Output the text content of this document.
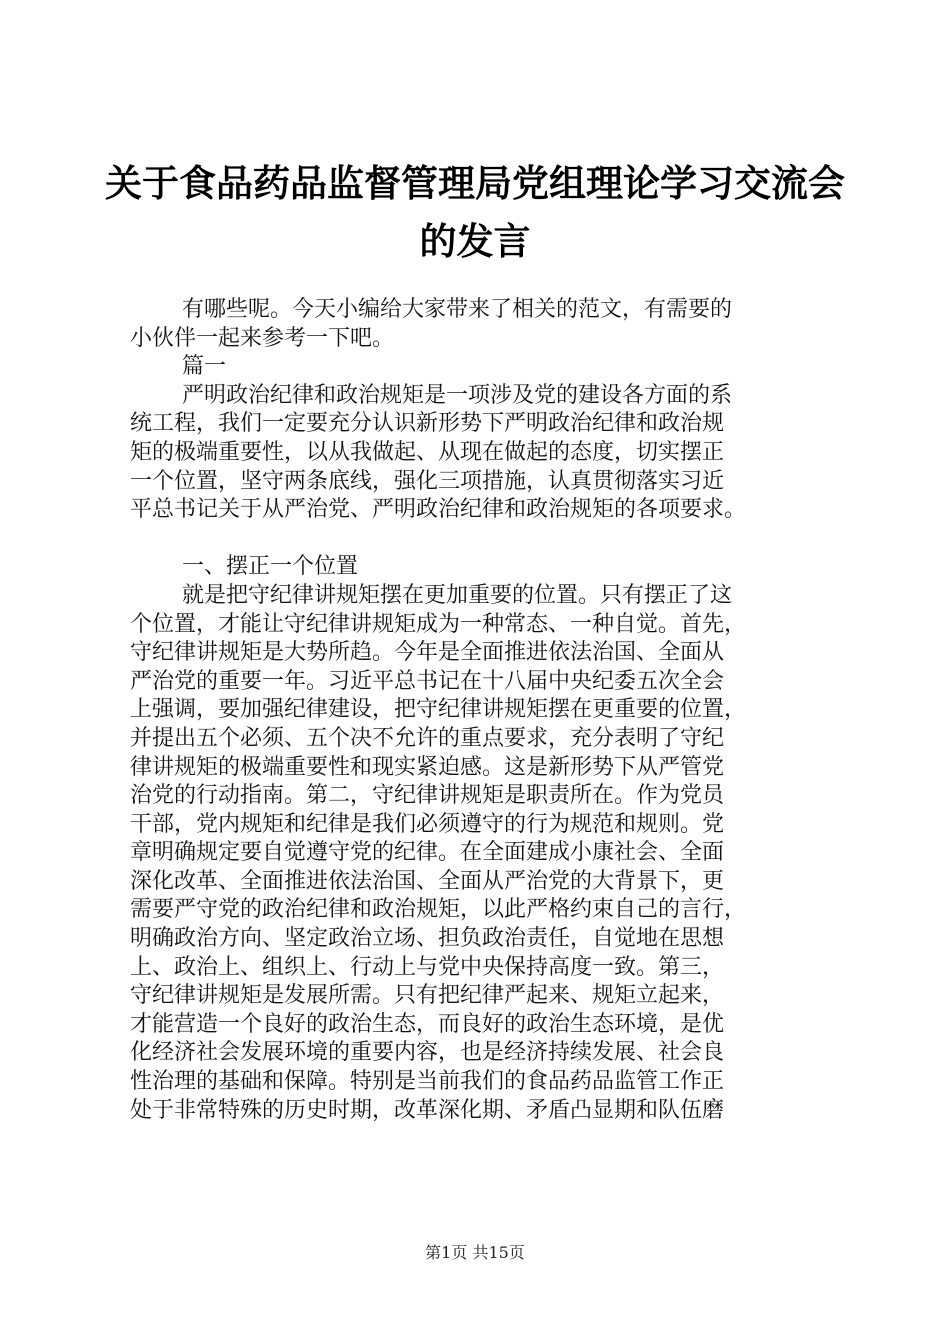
关于食品药品监督管理局党组理论学习交流会
的发言
有哪些呢。今天小编给大家带来了相关的范文，有需要的
小伙伴一起来参考一下吧。
篇一
严明政治纪律和政治规矩是一项涉及党的建设各方面的系
统工程，我们一定要充分认识新形势下严明政治纪律和政治规
矩的极端重要性，以从我做起、从现在做起的态度，切实摆正
一个位置，坚守两条底线，强化三项措施，认真贯彻落实习近
平总书记关于从严治党、严明政治纪律和政治规矩的各项要求。
一、摆正一个位置
就是把守纪律讲规矩摆在更加重要的位置。只有摆正了这
个位置，才能让守纪律讲规矩成为一种常态、一种自觉。首先，
守纪律讲规矩是大势所趋。今年是全面推进依法治国、全面从
严治党的重要一年。习近平总书记在十八届中央纪委五次全会
上强调，要加强纪律建设，把守纪律讲规矩摆在更重要的位置，
并提出五个必须、五个决不允许的重点要求，充分表明了守纪
律讲规矩的极端重要性和现实紧迫感。这是新形势下从严管党
治党的行动指南。第二，守纪律讲规矩是职责所在。作为党员
干部，党内规矩和纪律是我们必须遵守的行为规范和规则。党
章明确规定要自觉遵守党的纪律。在全面建成小康社会、全面
深化改革、全面推进依法治国、全面从严治党的大背景下，更
需要严守党的政治纪律和政治规矩，以此严格约束自己的言行，
明确政治方向、坚定政治立场、担负政治责任，自觉地在思想
上、政治上、组织上、行动上与党中央保持高度一致。第三，
守纪律讲规矩是发展所需。只有把纪律严起来、规矩立起来，
才能营造一个良好的政治生态，而良好的政治生态环境，是优
化经济社会发展环境的重要内容，也是经济持续发展、社会良
性治理的基础和保障。特别是当前我们的食品药品监管工作正
处于非常特殊的历史时期，改革深化期、矛盾凸显期和队伍磨
第1页 共15页
